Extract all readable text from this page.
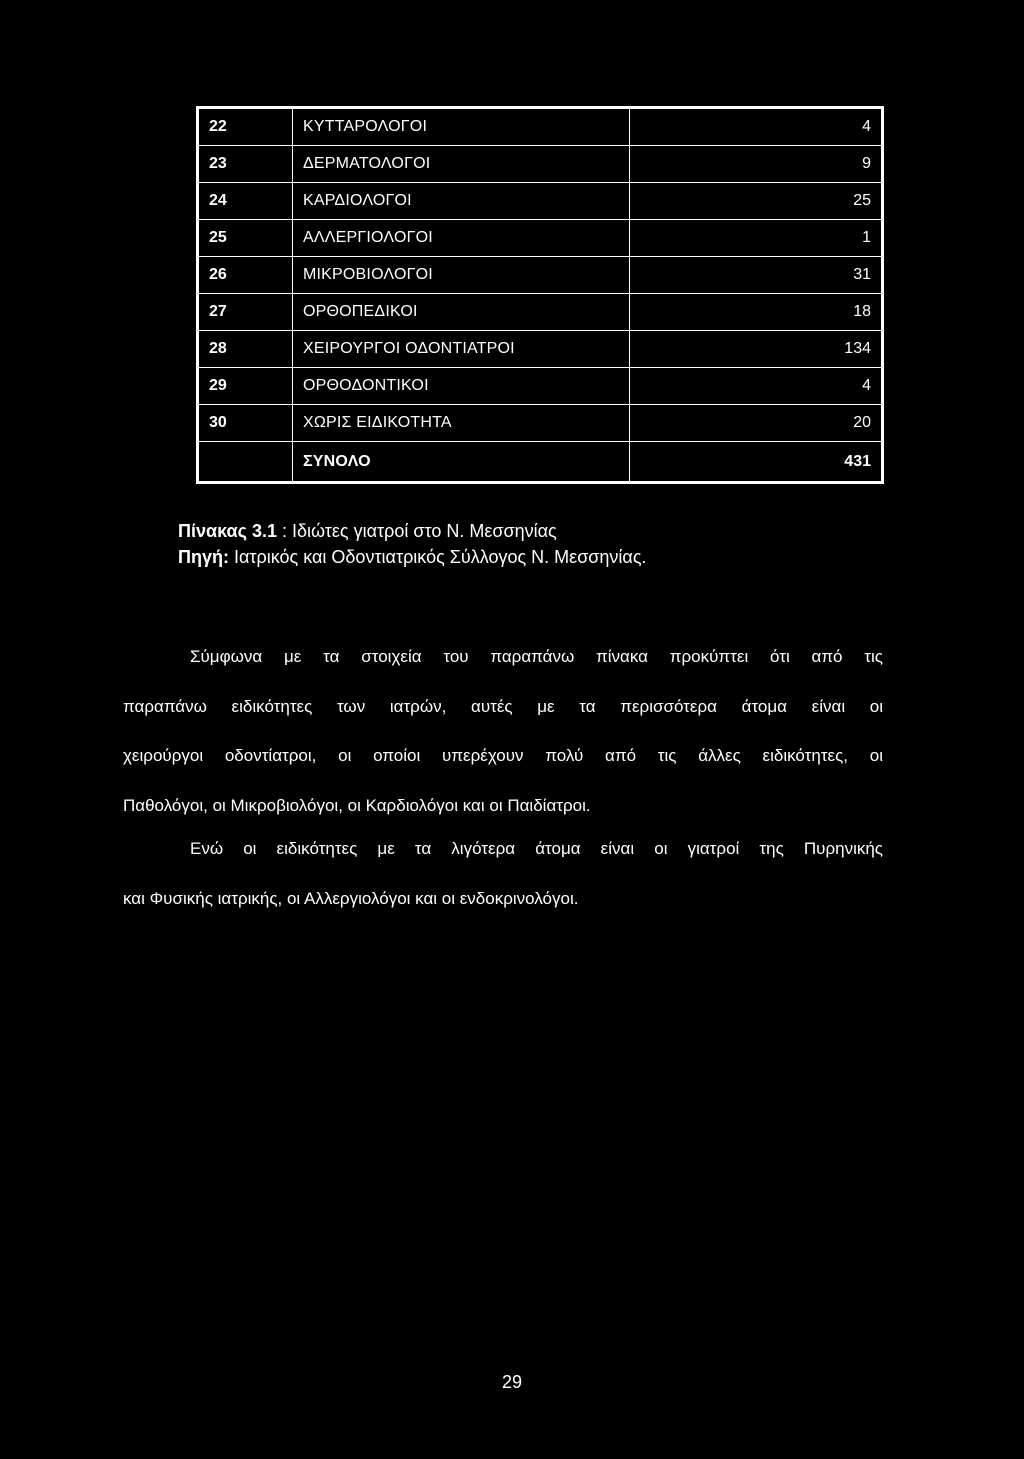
22	ΚΥΤΤΑΡΟΛΟΓΟΙ	4
23	ΔΕΡΜΑΤΟΛΟΓΟΙ	9
24	ΚΑΡΔΙΟΛΟΓΟΙ	25
25	ΑΛΛΕΡΓΙΟΛΟΓΟΙ	1
26	ΜΙΚΡΟΒΙΟΛΟΓΟΙ	31
27	ΟΡΘΟΠΕΔΙΚΟΙ	18
28	ΧΕΙΡΟΥΡΓΟΙ ΟΔΟΝΤΙΑΤΡΟΙ	134
29	ΟΡΘΟΔΟΝΤΙΚΟΙ	4
30	ΧΩΡΙΣ ΕΙΔΙΚΟΤΗΤΑ	20
	ΣΥΝΟΛΟ	431
Πίνακας 3.1 : Ιδιώτες γιατροί στο Ν. Μεσσηνίας
Πηγή: Ιατρικός και Οδοντιατρικός Σύλλογος Ν. Μεσσηνίας.
Σύμφωνα με τα στοιχεία του παραπάνω πίνακα προκύπτει ότι από τις
παραπάνω ειδικότητες των ιατρών, αυτές με τα περισσότερα άτομα είναι οι
χειρούργοι οδοντίατροι, οι οποίοι υπερέχουν πολύ από τις άλλες ειδικότητες, οι
Παθολόγοι, οι Μικροβιολόγοι, οι Καρδιολόγοι και οι Παιδίατροι.
Ενώ οι ειδικότητες με τα λιγότερα άτομα είναι οι γιατροί της Πυρηνικής
και Φυσικής ιατρικής, οι Αλλεργιολόγοι και οι ενδοκρινολόγοι.
29
